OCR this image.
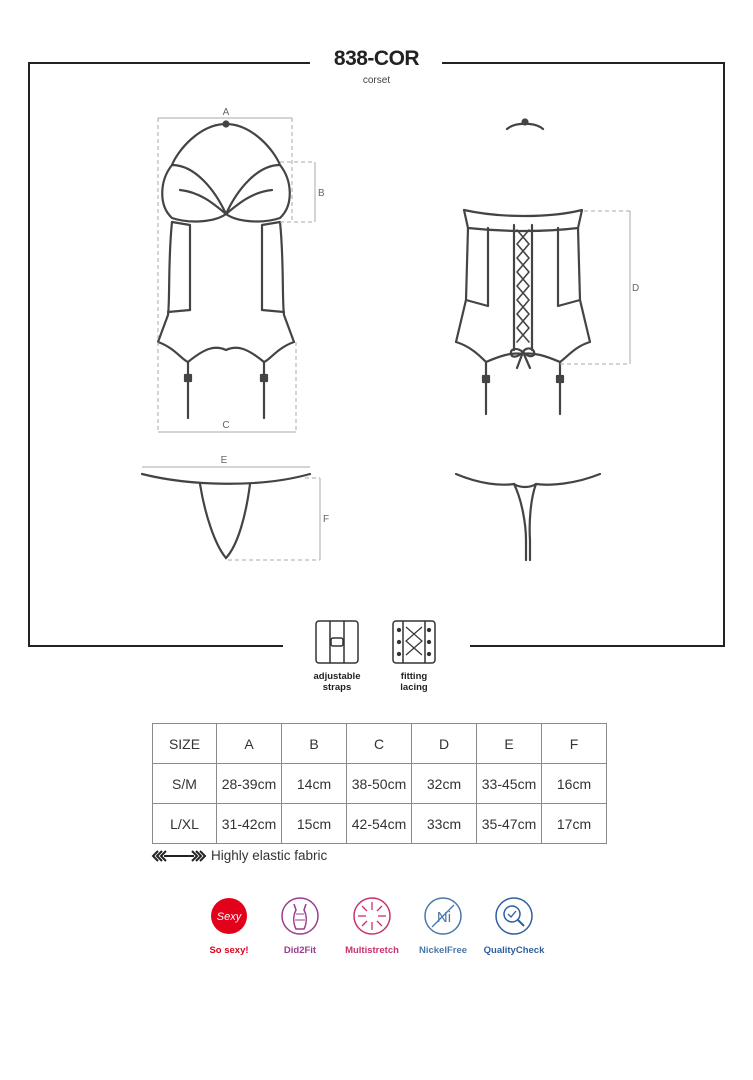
838-COR
corset
A
B
C
D
E
F
adjustable
straps
fitting
lacing
SIZE	A	B	C	D	E	F
S/M	28-39cm	14cm	38-50cm	32cm	33-45cm	16cm
L/XL	31-42cm	15cm	42-54cm	33cm	35-47cm	17cm
Highly elastic fabric
Sexy
So sexy!	Did2Fit	Multistretch
Ni
NickelFree	QualityCheck
